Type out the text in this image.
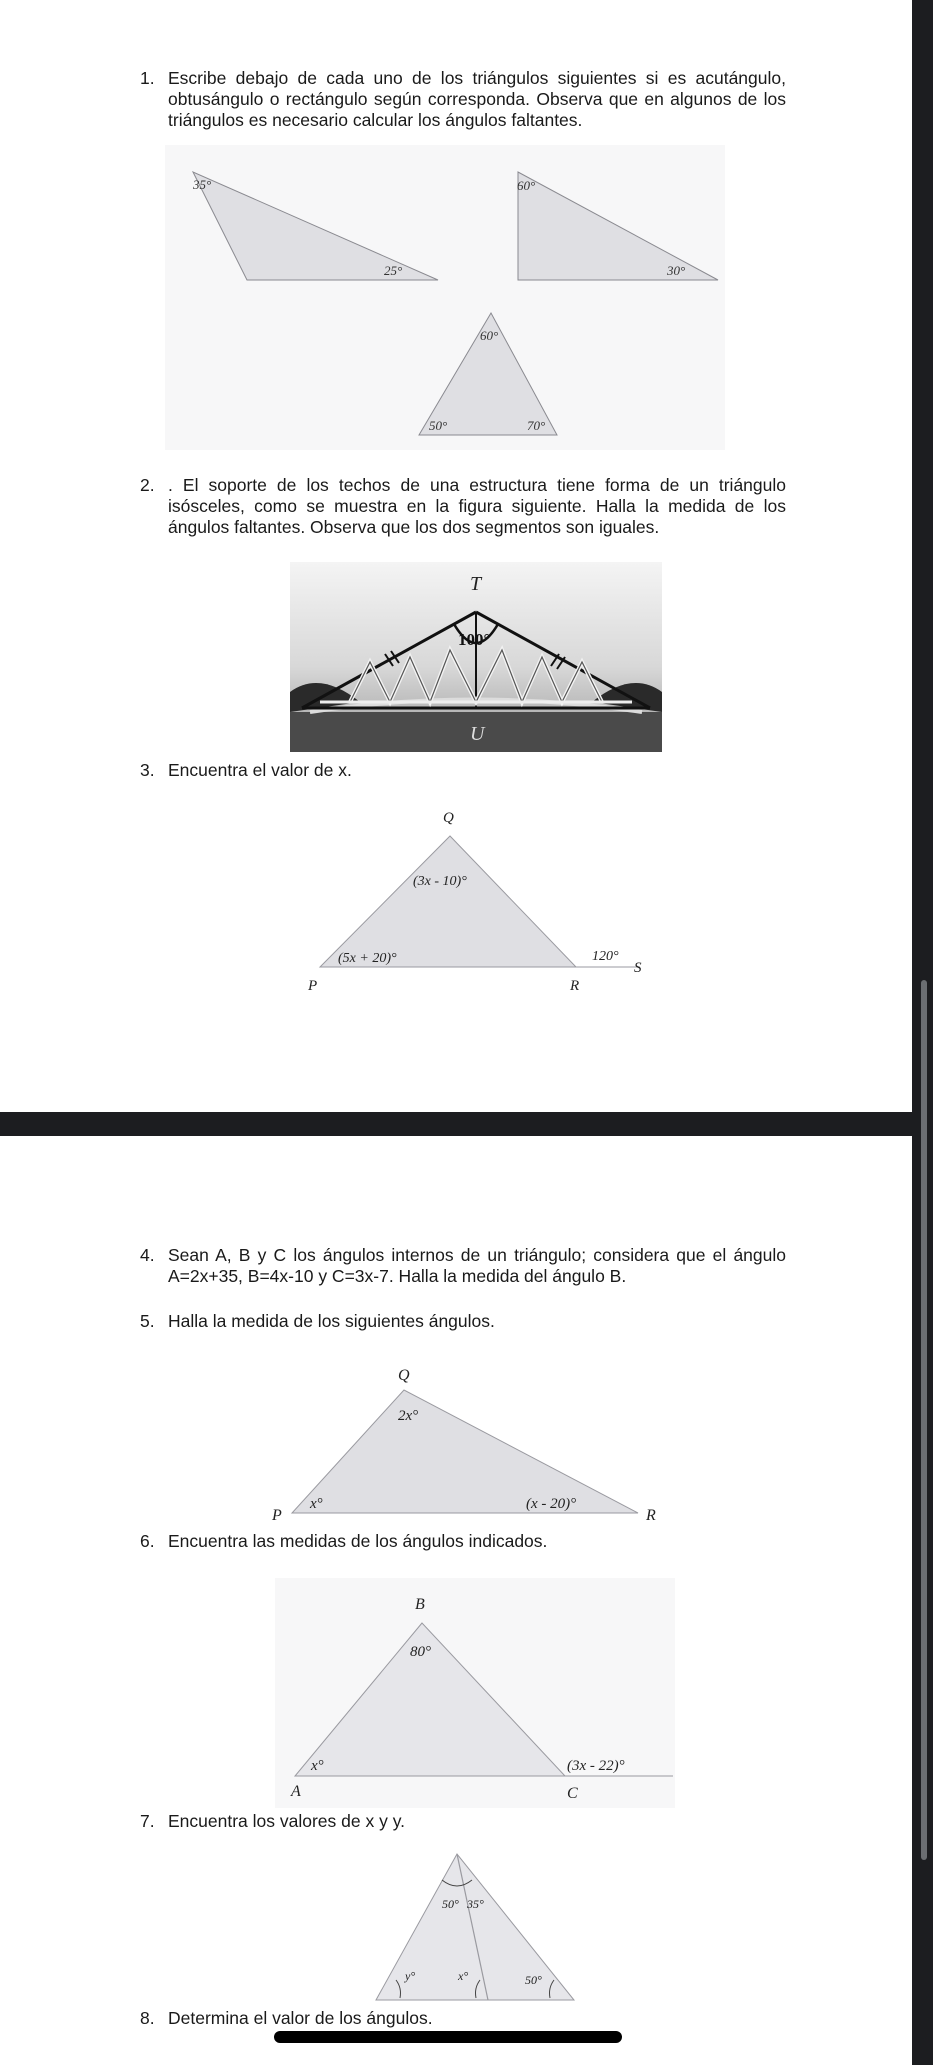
1. Escribe debajo de cada uno de los triángulos siguientes si es acutángulo, obtusángulo o rectángulo según corresponda. Observa que en algunos de los triángulos es necesario calcular los ángulos faltantes.
35°
25°
60°
30°
60°
50°	70°
2. . El soporte de los techos de una estructura tiene forma de un triángulo isósceles, como se muestra en la figura siguiente. Halla la medida de los ángulos faltantes. Observa que los dos segmentos son iguales.
T
100°
U
3. Encuentra el valor de x.
Q
(3x - 10)°
(5x + 20)°	120°
P	R
S
4. Sean A, B y C los ángulos internos de un triángulo; considera que el ángulo A=2x+35, B=4x-10 y C=3x-7. Halla la medida del ángulo B.
5. Halla la medida de los siguientes ángulos.
Q
2x°
x°	(x - 20)°
P	R
6. Encuentra las medidas de los ángulos indicados.
B
80°
x°	(3x - 22)°
A	C
7. Encuentra los valores de x y y.
50° 35°
y°	x°	50°
8. Determina el valor de los ángulos.
